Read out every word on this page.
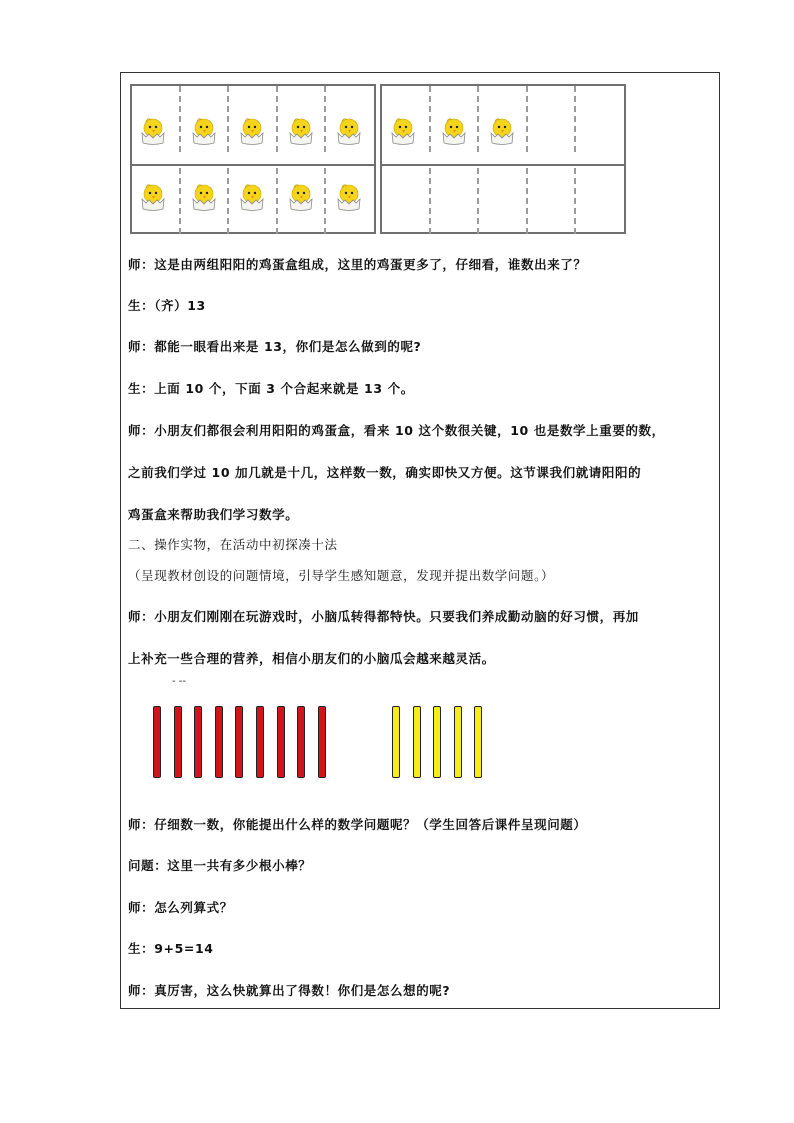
师：这是由两组阳阳的鸡蛋盒组成，这里的鸡蛋更多了，仔细看，谁数出来了？

生：（齐）13

师：都能一眼看出来是 13，你们是怎么做到的呢?

生：上面 10 个，下面 3 个合起来就是 13 个。

师：小朋友们都很会利用阳阳的鸡蛋盒，看来 10 这个数很关键，10 也是数学上重要的数，

之前我们学过 10 加几就是十几，这样数一数，确实即快又方便。这节课我们就请阳阳的

鸡蛋盒来帮助我们学习数学。

二、操作实物，在活动中初探凑十法

（呈现教材创设的问题情境，引导学生感知题意，发现并提出数学问题。）

师：小朋友们刚刚在玩游戏时，小脑瓜转得都特快。只要我们养成勤动脑的好习惯，再加

上补充一些合理的营养，相信小朋友们的小脑瓜会越来越灵活。

- --

师：仔细数一数，你能提出什么样的数学问题呢？（学生回答后课件呈现问题）

问题：这里一共有多少根小棒？

师：怎么列算式？

生：9+5=14

师：真厉害，这么快就算出了得数！你们是怎么想的呢?
